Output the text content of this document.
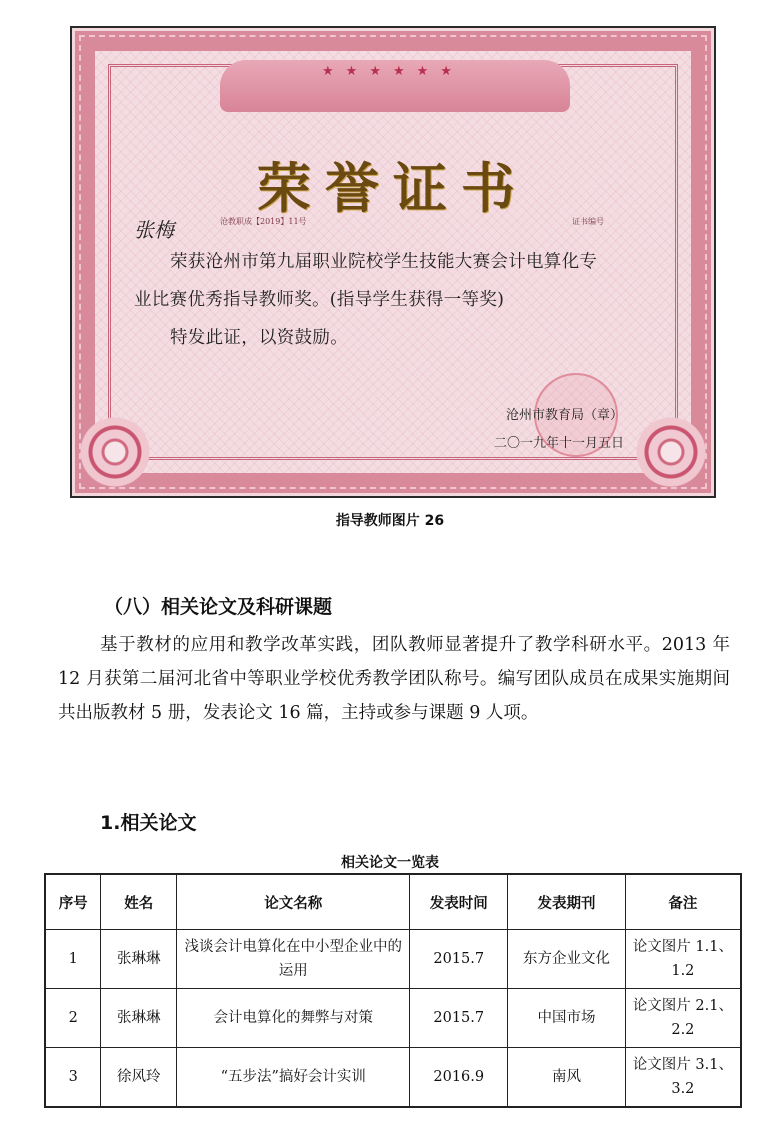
★★★★★★
荣誉证书
沧教职成【2019】11号	证书编号
张梅
荣获沧州市第九届职业院校学生技能大赛会计电算化专
业比赛优秀指导教师奖。(指导学生获得一等奖)
特发此证，以资鼓励。
沧州市教育局（章）
二〇一九年十一月五日
指导教师图片 26
（八）相关论文及科研课题

基于教材的应用和教学改革实践，团队教师显著提升了教学科研水平。2013 年 12 月获第二届河北省中等职业学校优秀教学团队称号。编写团队成员在成果实施期间共出版教材 5 册，发表论文 16 篇，主持或参与课题 9 人项。

1.相关论文
相关论文一览表
序号	姓名	论文名称	发表时间	发表期刊	备注
1	张琳琳	浅谈会计电算化在中小型企业中的运用	2015.7	东方企业文化	论文图片 1.1、1.2
2	张琳琳	会计电算化的舞弊与对策	2015.7	中国市场	论文图片 2.1、2.2
3	徐风玲	“五步法”搞好会计实训	2016.9	南风	论文图片 3.1、3.2
